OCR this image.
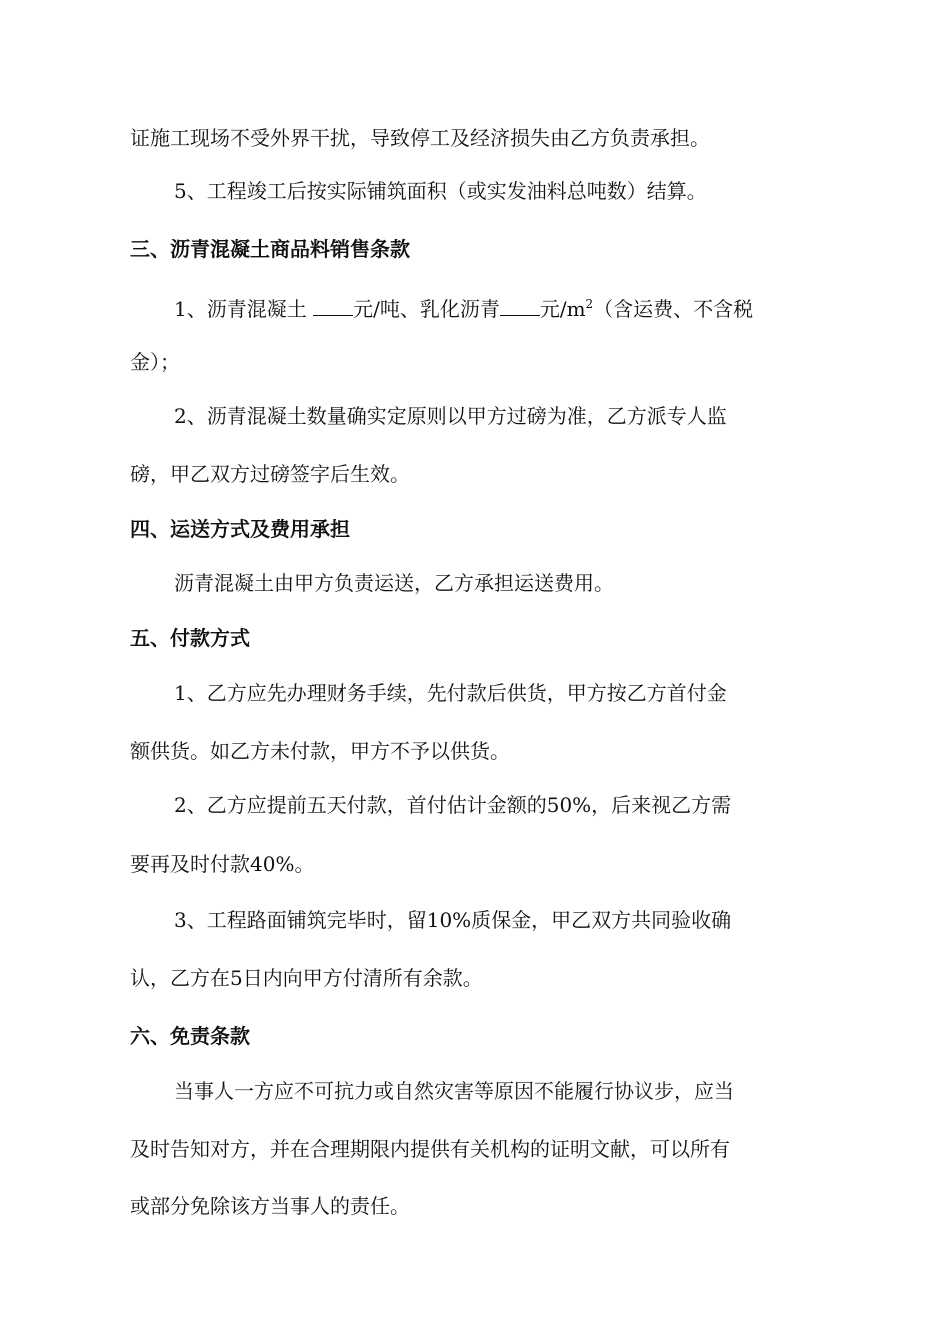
证施工现场不受外界干扰，导致停工及经济损失由乙方负责承担。
5、工程竣工后按实际铺筑面积（或实发油料总吨数）结算。
三、沥青混凝土商品料销售条款
1、沥青混凝土 元/吨、乳化沥青 元$/m^2$（含运费、不含税
金）；
2、沥青混凝土数量确实定原则以甲方过磅为准，乙方派专人监
磅，甲乙双方过磅签字后生效。
四、运送方式及费用承担
沥青混凝土由甲方负责运送，乙方承担运送费用。
五、付款方式
1、乙方应先办理财务手续，先付款后供货，甲方按乙方首付金
额供货。如乙方未付款，甲方不予以供货。
2、乙方应提前五天付款，首付估计金额的50%，后来视乙方需
要再及时付款40%。
3、工程路面铺筑完毕时，留10%质保金，甲乙双方共同验收确
认，乙方在5日内向甲方付清所有余款。
六、免责条款
当事人一方应不可抗力或自然灾害等原因不能履行协议步，应当
及时告知对方，并在合理期限内提供有关机构的证明文献，可以所有
或部分免除该方当事人的责任。
